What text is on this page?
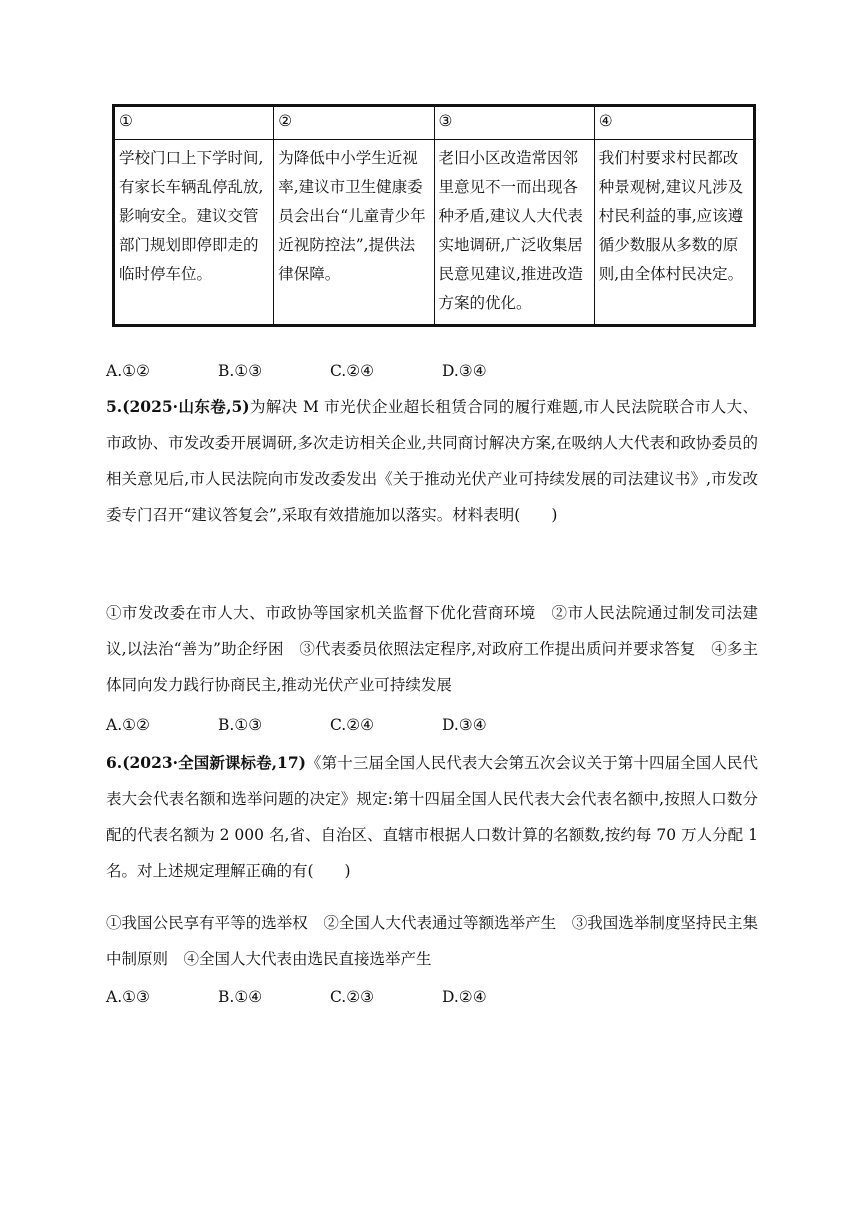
①	②	③	④
学校门口上下学时间,有家长车辆乱停乱放,影响安全。建议交管部门规划即停即走的临时停车位。	为降低中小学生近视率,建议市卫生健康委员会出台“儿童青少年近视防控法”,提供法律保障。	老旧小区改造常因邻里意见不一而出现各种矛盾,建议人大代表实地调研,广泛收集居民意见建议,推进改造方案的优化。	我们村要求村民都改种景观树,建议凡涉及村民利益的事,应该遵循少数服从多数的原则,由全体村民决定。
A.①②	B.①③	C.②④	D.③④
5.(2025·山东卷,5)为解决 M 市光伏企业超长租赁合同的履行难题,市人民法院联合市人大、市政协、市发改委开展调研,多次走访相关企业,共同商讨解决方案,在吸纳人大代表和政协委员的相关意见后,市人民法院向市发改委发出《关于推动光伏产业可持续发展的司法建议书》,市发改委专门召开“建议答复会”,采取有效措施加以落实。材料表明(　　)
①市发改委在市人大、市政协等国家机关监督下优化营商环境　②市人民法院通过制发司法建议,以法治“善为”助企纾困　③代表委员依照法定程序,对政府工作提出质问并要求答复　④多主体同向发力践行协商民主,推动光伏产业可持续发展
A.①②	B.①③	C.②④	D.③④
6.(2023·全国新课标卷,17)《第十三届全国人民代表大会第五次会议关于第十四届全国人民代表大会代表名额和选举问题的决定》规定:第十四届全国人民代表大会代表名额中,按照人口数分配的代表名额为 2 000 名,省、自治区、直辖市根据人口数计算的名额数,按约每 70 万人分配 1 名。对上述规定理解正确的有(　　)
①我国公民享有平等的选举权　②全国人大代表通过等额选举产生　③我国选举制度坚持民主集中制原则　④全国人大代表由选民直接选举产生
A.①③	B.①④	C.②③	D.②④
